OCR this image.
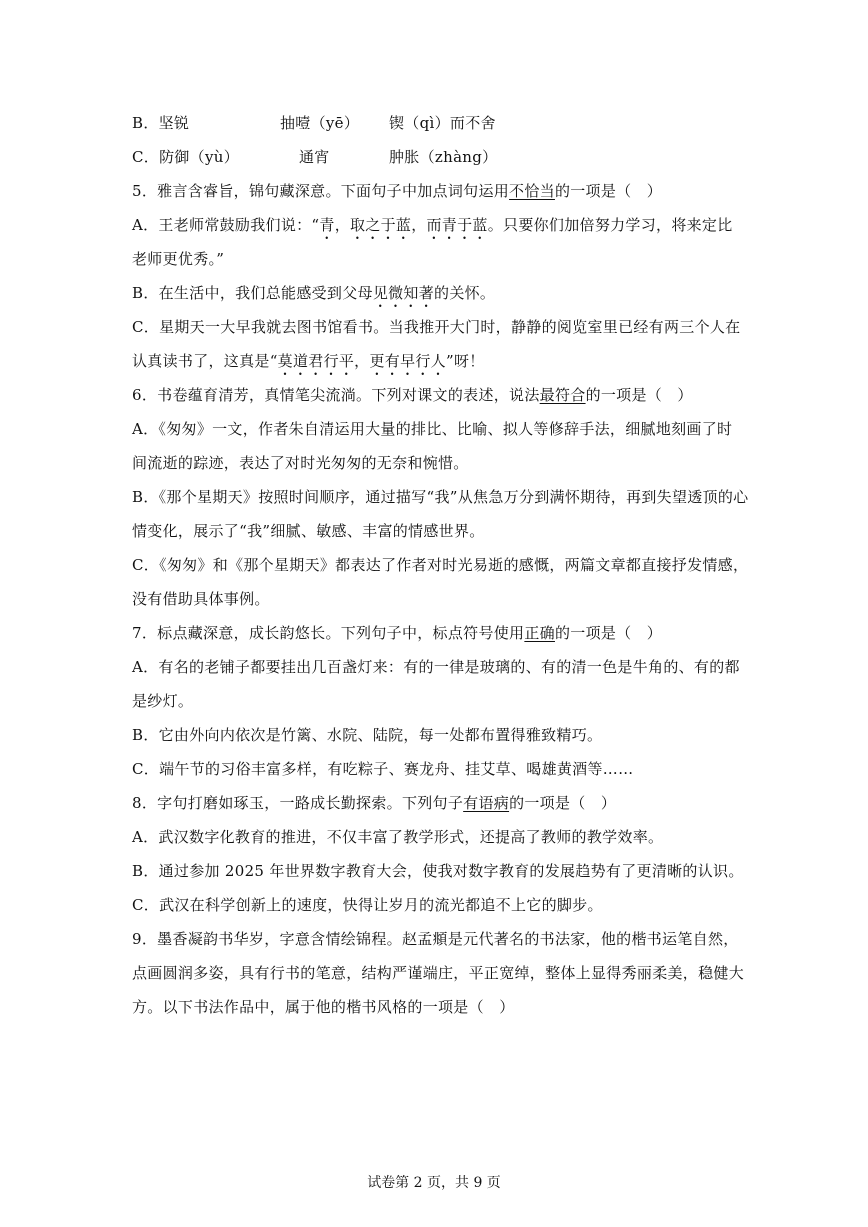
B．坚锐	抽噎（yē） 锲（qì）而不舍
C．防御（yù）	通宵	肿胀（zhàng）
5．雅言含睿旨，锦句藏深意。下面句子中加点词句运用不恰当的一项是（　）
A．王老师常鼓励我们说：“青，取之于蓝，而青于蓝。只要你们加倍努力学习，将来定比
老师更优秀。”
B．在生活中，我们总能感受到父母见微知著的关怀。
C．星期天一大早我就去图书馆看书。当我推开大门时，静静的阅览室里已经有两三个人在
认真读书了，这真是“莫道君行平，更有早行人”呀！
6．书卷蕴育清芳，真情笔尖流淌。下列对课文的表述，说法最符合的一项是（　）
A．《匆匆》一文，作者朱自清运用大量的排比、比喻、拟人等修辞手法，细腻地刻画了时
间流逝的踪迹，表达了对时光匆匆的无奈和惋惜。
B．《那个星期天》按照时间顺序，通过描写“我”从焦急万分到满怀期待，再到失望透顶的心
情变化，展示了“我”细腻、敏感、丰富的情感世界。
C．《匆匆》和《那个星期天》都表达了作者对时光易逝的感慨，两篇文章都直接抒发情感，
没有借助具体事例。
7．标点藏深意，成长韵悠长。下列句子中，标点符号使用正确的一项是（　）
A．有名的老铺子都要挂出几百盏灯来：有的一律是玻璃的、有的清一色是牛角的、有的都
是纱灯。
B．它由外向内依次是竹篱、水院、陆院，每一处都布置得雅致精巧。
C．端午节的习俗丰富多样，有吃粽子、赛龙舟、挂艾草、喝雄黄酒等……
8．字句打磨如琢玉，一路成长勤探索。下列句子有语病的一项是（　）
A．武汉数字化教育的推进，不仅丰富了教学形式，还提高了教师的教学效率。
B．通过参加 2025 年世界数字教育大会，使我对数字教育的发展趋势有了更清晰的认识。
C．武汉在科学创新上的速度，快得让岁月的流光都追不上它的脚步。
9．墨香凝韵书华岁，字意含情绘锦程。赵孟頫是元代著名的书法家，他的楷书运笔自然，
点画圆润多姿，具有行书的笔意，结构严谨端庄，平正宽绰，整体上显得秀丽柔美，稳健大
方。以下书法作品中，属于他的楷书风格的一项是（　）
试卷第 2 页，共 9 页
